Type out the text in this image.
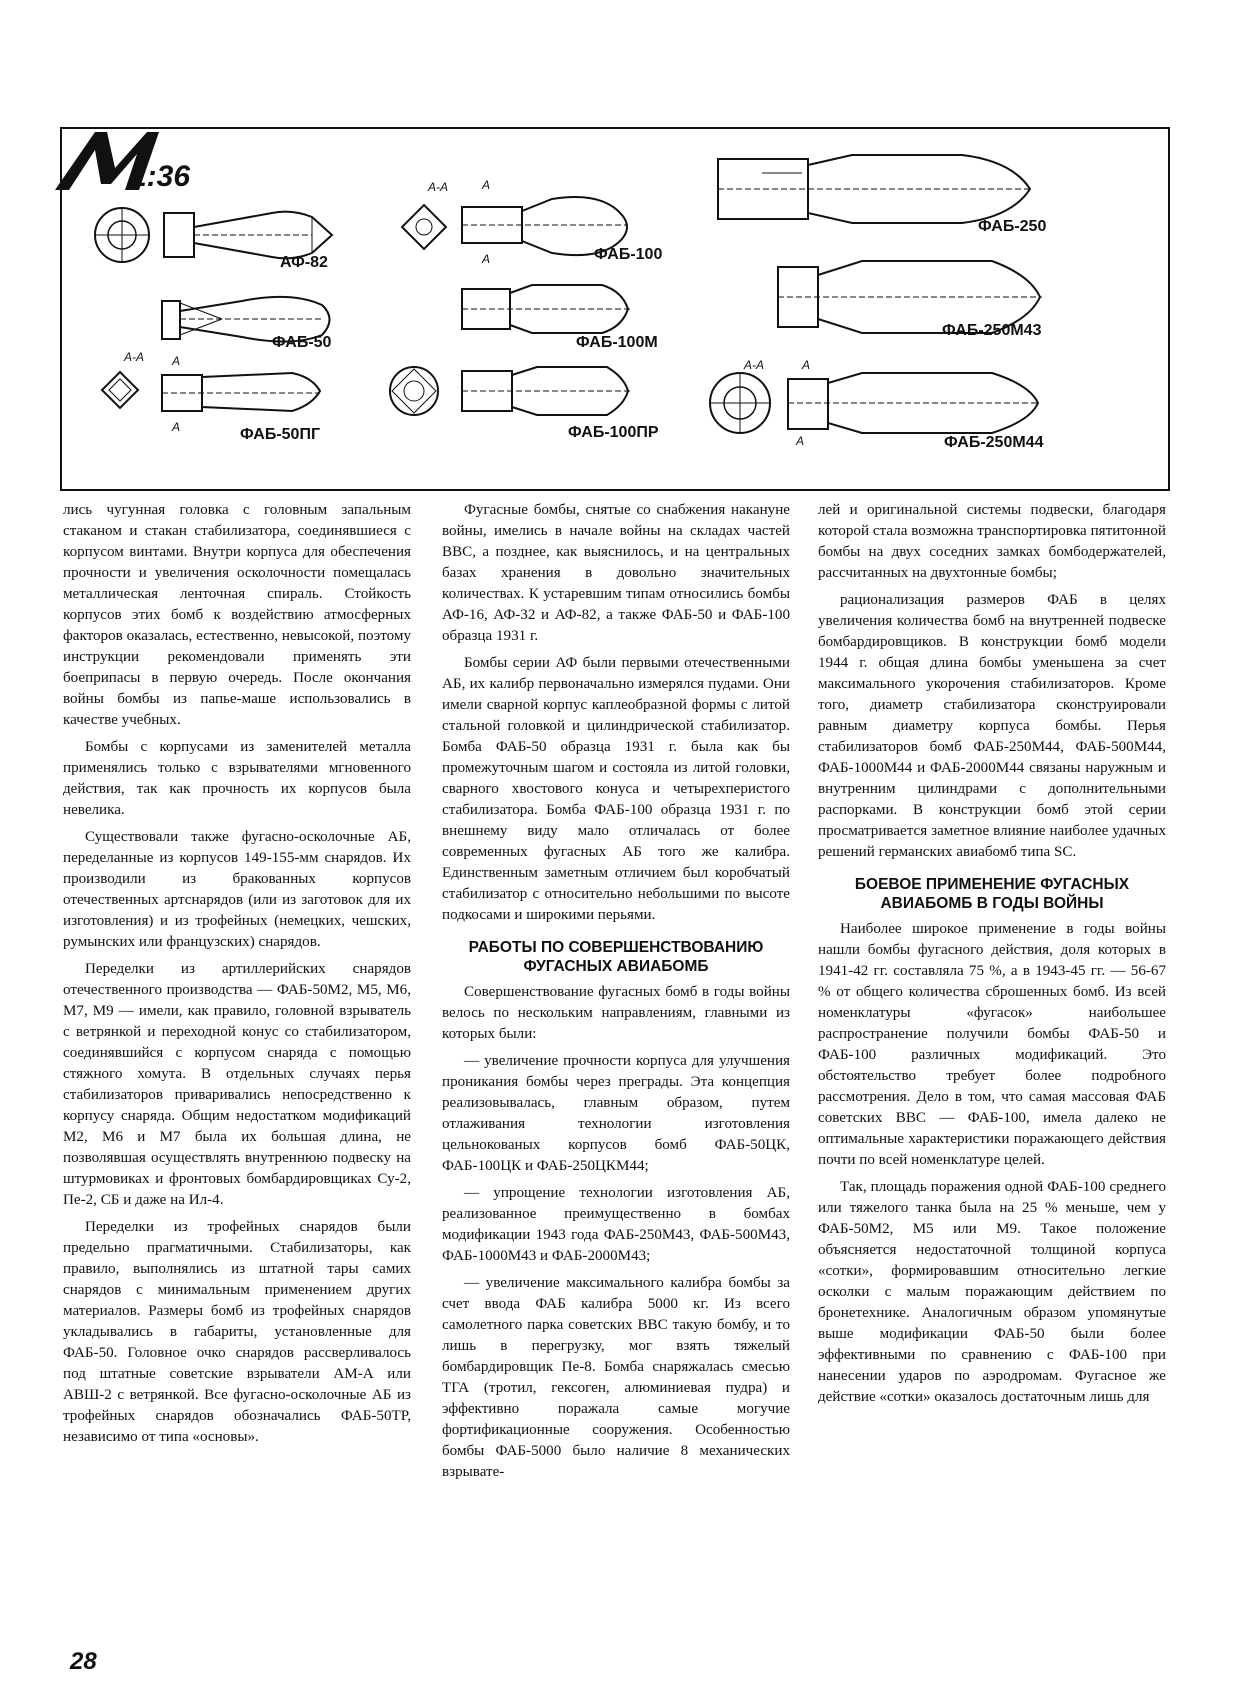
1:36
АФ-82
ФАБ-50
А-А А
А	ФАБ-50ПГ
А-А	А
А	ФАБ-100
ФАБ-100М
ФАБ-100ПР
ФАБ-250
ФАБ-250М43
А-А	А
А	ФАБ-250М44

лись чугунная головка с головным запальным стаканом и стакан стабилизатора, соединявшиеся с корпусом винтами. Внутри корпуса для обеспечения прочности и увеличения осколочности помещалась металлическая ленточная спираль. Стойкость корпусов этих бомб к воздействию атмосферных факторов оказалась, естественно, невысокой, поэтому инструкции рекомендовали применять эти боеприпасы в первую очередь. После окончания войны бомбы из папье-маше использовались в качестве учебных.

Бомбы с корпусами из заменителей металла применялись только с взрывателями мгновенного действия, так как прочность их корпусов была невелика.

Существовали также фугасно-осколочные АБ, переделанные из корпусов 149-155-мм снарядов. Их производили из бракованных корпусов отечественных артснарядов (или из заготовок для их изготовления) и из трофейных (немецких, чешских, румынских или французских) снарядов.

Переделки из артиллерийских снарядов отечественного производства — ФАБ-50М2, М5, М6, М7, М9 — имели, как правило, головной взрыватель с ветрянкой и переходной конус со стабилизатором, соединявшийся с корпусом снаряда с помощью стяжного хомута. В отдельных случаях перья стабилизаторов приваривались непосредственно к корпусу снаряда. Общим недостатком модификаций М2, М6 и М7 была их большая длина, не позволявшая осуществлять внутреннюю подвеску на штурмовиках и фронтовых бомбардировщиках Су-2, Пе-2, СБ и даже на Ил-4.

Переделки из трофейных снарядов были предельно прагматичными. Стабилизаторы, как правило, выполнялись из штатной тары самих снарядов с минимальным применением других материалов. Размеры бомб из трофейных снарядов укладывались в габариты, установленные для ФАБ-50. Головное очко снарядов рассверливалось под штатные советские взрыватели АМ-А или АВШ-2 с ветрянкой. Все фугасно-осколочные АБ из трофейных снарядов обозначались ФАБ-50ТР, независимо от типа «основы».

Фугасные бомбы, снятые со снабжения накануне войны, имелись в начале войны на складах частей ВВС, а позднее, как выяснилось, и на центральных базах хранения в довольно значительных количествах. К устаревшим типам относились бомбы АФ-16, АФ-32 и АФ-82, а также ФАБ-50 и ФАБ-100 образца 1931 г.

Бомбы серии АФ были первыми отечественными АБ, их калибр первоначально измерялся пудами. Они имели сварной корпус каплеобразной формы с литой стальной головкой и цилиндрической стабилизатор. Бомба ФАБ-50 образца 1931 г. была как бы промежуточным шагом и состояла из литой головки, сварного хвостового конуса и четырехперистого стабилизатора. Бомба ФАБ-100 образца 1931 г. по внешнему виду мало отличалась от более современных фугасных АБ того же калибра. Единственным заметным отличием был коробчатый стабилизатор с относительно небольшими по высоте подкосами и широкими перьями.

РАБОТЫ ПО СОВЕРШЕНСТВОВАНИЮ ФУГАСНЫХ АВИАБОМБ

Совершенствование фугасных бомб в годы войны велось по нескольким направлениям, главными из которых были:

— увеличение прочности корпуса для улучшения проникания бомбы через преграды. Эта концепция реализовывалась, главным образом, путем отлаживания технологии изготовления цельнокованых корпусов бомб ФАБ-50ЦК, ФАБ-100ЦК и ФАБ-250ЦКМ44;

— упрощение технологии изготовления АБ, реализованное преимущественно в бомбах модификации 1943 года ФАБ-250М43, ФАБ-500М43, ФАБ-1000М43 и ФАБ-2000М43;

— увеличение максимального калибра бомбы за счет ввода ФАБ калибра 5000 кг. Из всего самолетного парка советских ВВС такую бомбу, и то лишь в перегрузку, мог взять тяжелый бомбардировщик Пе-8. Бомба снаряжалась смесью ТГА (тротил, гексоген, алюминиевая пудра) и эффективно поражала самые могучие фортификационные сооружения. Особенностью бомбы ФАБ-5000 было наличие 8 механических взрывате-

лей и оригинальной системы подвески, благодаря которой стала возможна транспортировка пятитонной бомбы на двух соседних замках бомбодержателей, рассчитанных на двухтонные бомбы;

рационализация размеров ФАБ в целях увеличения количества бомб на внутренней подвеске бомбардировщиков. В конструкции бомб модели 1944 г. общая длина бомбы уменьшена за счет максимального укорочения стабилизаторов. Кроме того, диаметр стабилизатора сконструировали равным диаметру корпуса бомбы. Перья стабилизаторов бомб ФАБ-250М44, ФАБ-500М44, ФАБ-1000М44 и ФАБ-2000М44 связаны наружным и внутренним цилиндрами с дополнительными распорками. В конструкции бомб этой серии просматривается заметное влияние наиболее удачных решений германских авиабомб типа SC.

БОЕВОЕ ПРИМЕНЕНИЕ ФУГАСНЫХ АВИАБОМБ В ГОДЫ ВОЙНЫ

Наиболее широкое применение в годы войны нашли бомбы фугасного действия, доля которых в 1941-42 гг. составляла 75 %, а в 1943-45 гг. — 56-67 % от общего количества сброшенных бомб. Из всей номенклатуры «фугасок» наибольшее распространение получили бомбы ФАБ-50 и ФАБ-100 различных модификаций. Это обстоятельство требует более подробного рассмотрения. Дело в том, что самая массовая ФАБ советских ВВС — ФАБ-100, имела далеко не оптимальные характеристики поражающего действия почти по всей номенклатуре целей.

Так, площадь поражения одной ФАБ-100 среднего или тяжелого танка была на 25 % меньше, чем у ФАБ-50М2, М5 или М9. Такое положение объясняется недостаточной толщиной корпуса «сотки», формировавшим относительно легкие осколки с малым поражающим действием по бронетехнике. Аналогичным образом упомянутые выше модификации ФАБ-50 были более эффективными по сравнению с ФАБ-100 при нанесении ударов по аэродромам. Фугасное же действие «сотки» оказалось достаточным лишь для

28
